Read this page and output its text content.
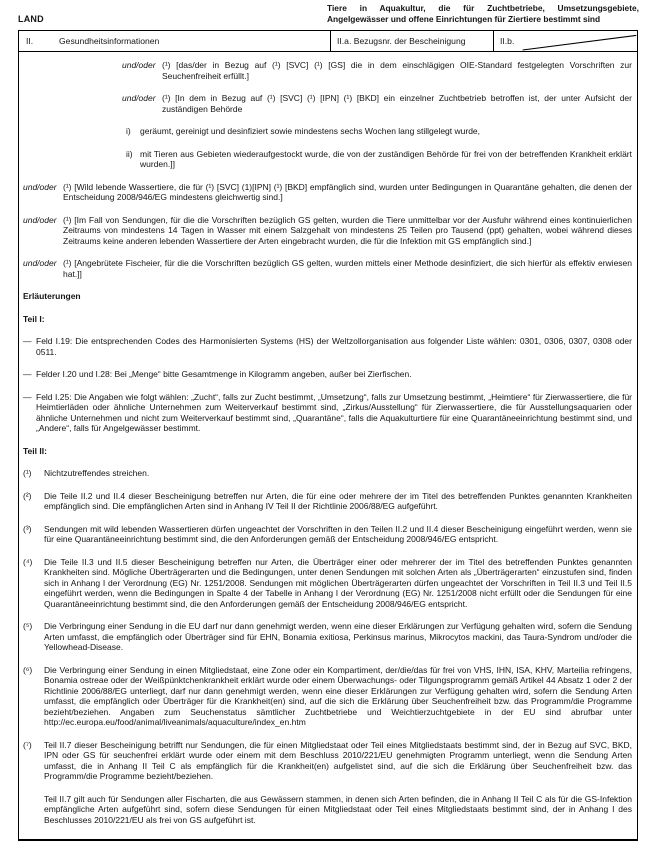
LAND
Tiere in Aquakultur, die für Zuchtbetriebe, Umsetzungsgebiete, Angelgewässer und offene Einrichtungen für Ziertiere bestimmt sind
II.	Gesundheitsinformationen	II.a. Bezugsnr. der Bescheinigung	II.b.
und/oder (¹) [das/der in Bezug auf (¹) [SVC] (¹) [GS] die in dem einschlägigen OIE-Standard festgelegten Vorschriften zur Seuchenfreiheit erfüllt.]
und/oder (¹) [In dem in Bezug auf (¹) [SVC] (¹) [IPN] (¹) [BKD] ein einzelner Zuchtbetrieb betroffen ist, der unter Aufsicht der zuständigen Behörde
i)	geräumt, gereinigt und desinfiziert sowie mindestens sechs Wochen lang stillgelegt wurde,
ii) mit Tieren aus Gebieten wiederaufgestockt wurde, die von der zuständigen Behörde für frei von der betreffenden Krankheit erklärt wurden.]]
und/oder (¹) [Wild lebende Wassertiere, die für (¹) [SVC] (1)[IPN] (¹) [BKD] empfänglich sind, wurden unter Bedingungen in Quarantäne gehalten, die denen der Entscheidung 2008/946/EG mindestens gleichwertig sind.]
und/oder (¹) [Im Fall von Sendungen, für die die Vorschriften bezüglich GS gelten, wurden die Tiere unmittelbar vor der Ausfuhr während eines kontinuierlichen Zeitraums von mindestens 14 Tagen in Wasser mit einem Salzgehalt von mindestens 25 Teilen pro Tausend (ppt) gehalten, wobei während dieses Zeitraums keine anderen lebenden Wassertiere der Arten eingebracht wurden, die für die Infektion mit GS empfänglich sind.]
und/oder (¹) [Angebrütete Fischeier, für die die Vorschriften bezüglich GS gelten, wurden mittels einer Methode desinfiziert, die sich hierfür als effektiv erwiesen hat.]]
Erläuterungen
Teil I:
— Feld I.19: Die entsprechenden Codes des Harmonisierten Systems (HS) der Weltzollorganisation aus folgender Liste wählen: 0301, 0306, 0307, 0308 oder 0511.
— Felder I.20 und I.28: Bei „Menge“ bitte Gesamtmenge in Kilogramm angeben, außer bei Zierfischen.
— Feld I.25: Die Angaben wie folgt wählen: „Zucht“, falls zur Zucht bestimmt, „Umsetzung“, falls zur Umsetzung bestimmt, „Heimtiere“ für Zierwassertiere, die für Heimtierläden oder ähnliche Unternehmen zum Weiterverkauf bestimmt sind, „Zirkus/Ausstellung“ für Zierwassertiere, die für Ausstellungsaquarien oder ähnliche Unternehmen und nicht zum Weiterverkauf bestimmt sind, „Quarantäne“, falls die Aquakulturtiere für eine Quarantäneeinrichtung bestimmt sind, und „Andere“, falls für Angelgewässer bestimmt.
Teil II:
(¹)	Nichtzutreffendes streichen.
(²)	Die Teile II.2 und II.4 dieser Bescheinigung betreffen nur Arten, die für eine oder mehrere der im Titel des betreffenden Punktes genannten Krankheiten empfänglich sind. Die empfänglichen Arten sind in Anhang IV Teil II der Richtlinie 2006/88/EG aufgeführt.
(³)	Sendungen mit wild lebenden Wassertieren dürfen ungeachtet der Vorschriften in den Teilen II.2 und II.4 dieser Bescheinigung eingeführt werden, wenn sie für eine Quarantäneeinrichtung bestimmt sind, die den Anforderungen gemäß der Entscheidung 2008/946/EG entspricht.
(⁴)	Die Teile II.3 und II.5 dieser Bescheinigung betreffen nur Arten, die Überträger einer oder mehrerer der im Titel des betreffenden Punktes genannten Krankheiten sind. Mögliche Überträgerarten und die Bedingungen, unter denen Sendungen mit solchen Arten als „Überträgerarten“ einzustufen sind, finden sich in Anhang I der Verordnung (EG) Nr. 1251/2008. Sendungen mit möglichen Überträgerarten dürfen ungeachtet der Vorschriften in Teil II.3 und Teil II.5 eingeführt werden, wenn die Bedingungen in Spalte 4 der Tabelle in Anhang I der Verordnung (EG) Nr. 1251/2008 nicht erfüllt oder die Sendungen für eine Quarantäneeinrichtung bestimmt sind, die den Anforderungen gemäß der Entscheidung 2008/946/EG entspricht.
(⁵)	Die Verbringung einer Sendung in die EU darf nur dann genehmigt werden, wenn eine dieser Erklärungen zur Verfügung gehalten wird, sofern die Sendung Arten umfasst, die empfänglich oder Überträger sind für EHN, Bonamia exitiosa, Perkinsus marinus, Mikrocytos mackini, das Taura-Syndrom und/oder die Yellowhead-Disease.
(⁶)	Die Verbringung einer Sendung in einen Mitgliedstaat, eine Zone oder ein Kompartiment, der/die/das für frei von VHS, IHN, ISA, KHV, Marteilia refringens, Bonamia ostreae oder der Weißpünktchenkrankheit erklärt wurde oder einem Überwachungs- oder Tilgungsprogramm gemäß Artikel 44 Absatz 1 oder 2 der Richtlinie 2006/88/EG unterliegt, darf nur dann genehmigt werden, wenn eine dieser Erklärungen zur Verfügung gehalten wird, sofern die Sendung Arten umfasst, die empfänglich oder Überträger für die Krankheit(en) sind, auf die sich die Erklärung über Seuchenfreiheit bzw. das Programm/die Programme bezieht/beziehen. Angaben zum Seuchenstatus sämtlicher Zuchtbetriebe und Weichtierzuchtgebiete in der EU sind abrufbar unter http://ec.europa.eu/food/animal/liveanimals/aquaculture/index_en.htm
(⁷)	Teil II.7 dieser Bescheinigung betrifft nur Sendungen, die für einen Mitgliedstaat oder Teil eines Mitgliedstaats bestimmt sind, der in Bezug auf SVC, BKD, IPN oder GS für seuchenfrei erklärt wurde oder einem mit dem Beschluss 2010/221/EU genehmigten Programm unterliegt, wenn die Sendung Arten umfasst, die in Anhang II Teil C als empfänglich für die Krankheit(en) aufgelistet sind, auf die sich die Erklärung über Seuchenfreiheit bzw. das Programm/die Programme bezieht/beziehen.
Teil II.7 gilt auch für Sendungen aller Fischarten, die aus Gewässern stammen, in denen sich Arten befinden, die in Anhang II Teil C als für die GS-Infektion empfängliche Arten aufgeführt sind, sofern diese Sendungen für einen Mitgliedstaat oder Teil eines Mitgliedstaats bestimmt sind, der in Anhang I des Beschlusses 2010/221/EU als frei von GS aufgeführt ist.
